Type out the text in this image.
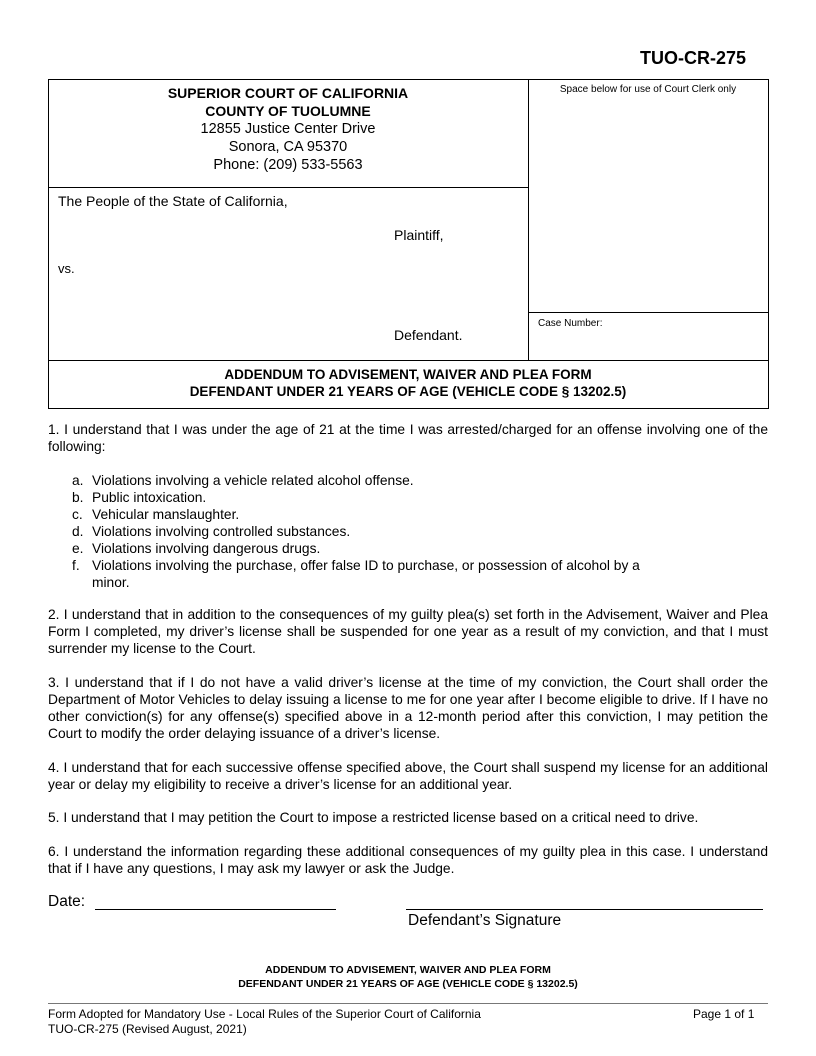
TUO-CR-275
SUPERIOR COURT OF CALIFORNIA
COUNTY OF TUOLUMNE
12855 Justice Center Drive
Sonora, CA 95370
Phone: (209) 533-5563
Space below for use of Court Clerk only
The People of the State of California,
Plaintiff,
vs.
Defendant.
Case Number:
ADDENDUM TO ADVISEMENT, WAIVER AND PLEA FORM
DEFENDANT UNDER 21 YEARS OF AGE (VEHICLE CODE § 13202.5)
1. I understand that I was under the age of 21 at the time I was arrested/charged for an offense involving one of the following:
a. Violations involving a vehicle related alcohol offense.
b. Public intoxication.
c. Vehicular manslaughter.
d. Violations involving controlled substances.
e. Violations involving dangerous drugs.
f. Violations involving the purchase, offer false ID to purchase, or possession of alcohol by a
minor.
2. I understand that in addition to the consequences of my guilty plea(s) set forth in the Advisement, Waiver and Plea Form I completed, my driver’s license shall be suspended for one year as a result of my conviction, and that I must surrender my license to the Court.
3. I understand that if I do not have a valid driver’s license at the time of my conviction, the Court shall order the Department of Motor Vehicles to delay issuing a license to me for one year after I become eligible to drive. If I have no other conviction(s) for any offense(s) specified above in a 12-month period after this conviction, I may petition the Court to modify the order delaying issuance of a driver’s license.
4. I understand that for each successive offense specified above, the Court shall suspend my license for an additional year or delay my eligibility to receive a driver’s license for an additional year.
5. I understand that I may petition the Court to impose a restricted license based on a critical need to drive.
6. I understand the information regarding these additional consequences of my guilty plea in this case. I understand that if I have any questions, I may ask my lawyer or ask the Judge.
Date:
Defendant’s Signature
ADDENDUM TO ADVISEMENT, WAIVER AND PLEA FORM
DEFENDANT UNDER 21 YEARS OF AGE (VEHICLE CODE § 13202.5)
Form Adopted for Mandatory Use - Local Rules of the Superior Court of California
TUO-CR-275 (Revised August, 2021)
Page 1 of 1
